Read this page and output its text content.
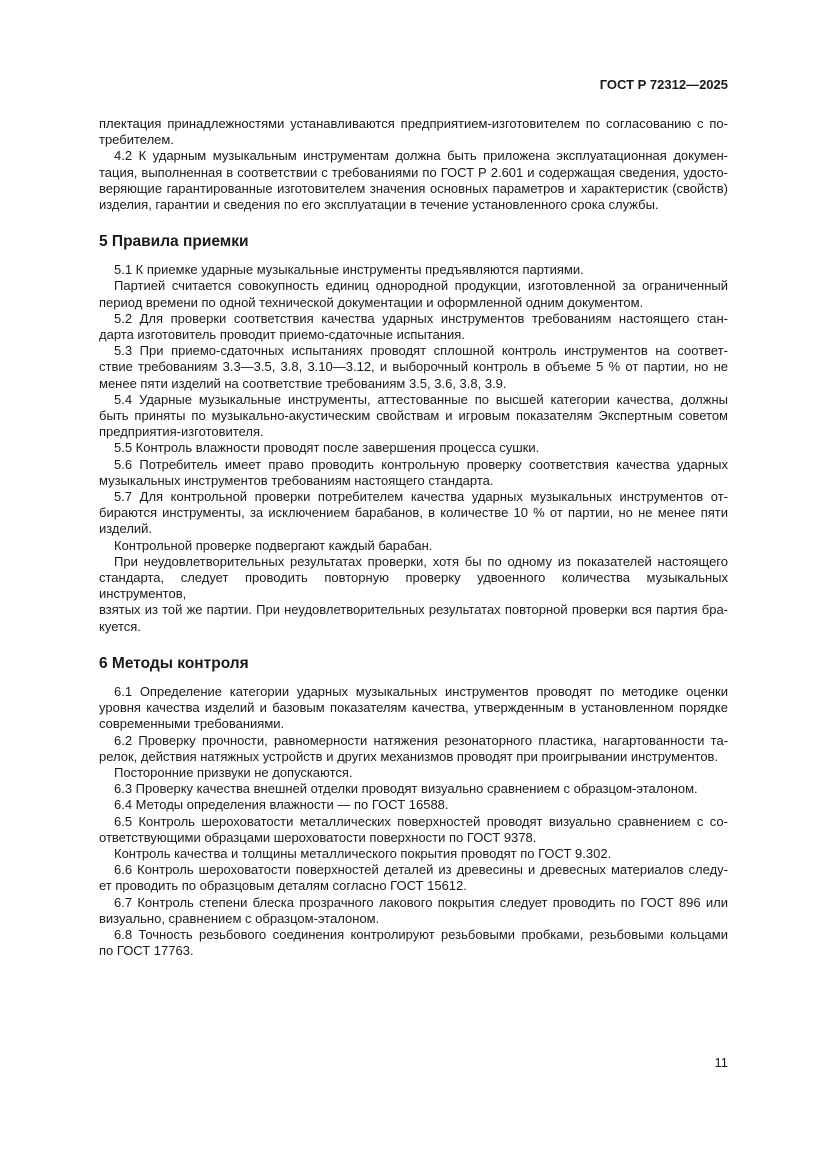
ГОСТ Р 72312—2025

плектация принадлежностями устанавливаются предприятием-изготовителем по согласованию с по-

требителем.

4.2 К ударным музыкальным инструментам должна быть приложена эксплуатационная докумен-

тация, выполненная в соответствии с требованиями по ГОСТ Р 2.601 и содержащая сведения, удосто-

веряющие гарантированные изготовителем значения основных параметров и характеристик (свойств)

изделия, гарантии и сведения по его эксплуатации в течение установленного срока службы.

5 Правила приемки

5.1 К приемке ударные музыкальные инструменты предъявляются партиями.

Партией считается совокупность единиц однородной продукции, изготовленной за ограниченный

период времени по одной технической документации и оформленной одним документом.

5.2 Для проверки соответствия качества ударных инструментов требованиям настоящего стан-

дарта изготовитель проводит приемо-сдаточные испытания.

5.3 При приемо-сдаточных испытаниях проводят сплошной контроль инструментов на соответ-

ствие требованиям 3.3—3.5, 3.8, 3.10—3.12, и выборочный контроль в объеме 5 % от партии, но не

менее пяти изделий на соответствие требованиям 3.5, 3.6, 3.8, 3.9.

5.4 Ударные музыкальные инструменты, аттестованные по высшей категории качества, должны

быть приняты по музыкально-акустическим свойствам и игровым показателям Экспертным советом

предприятия-изготовителя.

5.5 Контроль влажности проводят после завершения процесса сушки.

5.6 Потребитель имеет право проводить контрольную проверку соответствия качества ударных

музыкальных инструментов требованиям настоящего стандарта.

5.7 Для контрольной проверки потребителем качества ударных музыкальных инструментов от-

бираются инструменты, за исключением барабанов, в количестве 10 % от партии, но не менее пяти

изделий.

Контрольной проверке подвергают каждый барабан.

При неудовлетворительных результатах проверки, хотя бы по одному из показателей настоящего

стандарта, следует проводить повторную проверку удвоенного количества музыкальных инструментов,

взятых из той же партии. При неудовлетворительных результатах повторной проверки вся партия бра-

куется.

6 Методы контроля

6.1 Определение категории ударных музыкальных инструментов проводят по методике оценки

уровня качества изделий и базовым показателям качества, утвержденным в установленном порядке

современными требованиями.

6.2 Проверку прочности, равномерности натяжения резонаторного пластика, нагартованности та-

релок, действия натяжных устройств и других механизмов проводят при проигрывании инструментов.

Посторонние призвуки не допускаются.

6.3 Проверку качества внешней отделки проводят визуально сравнением с образцом-эталоном.

6.4 Методы определения влажности — по ГОСТ 16588.

6.5 Контроль шероховатости металлических поверхностей проводят визуально сравнением с со-

ответствующими образцами шероховатости поверхности по ГОСТ 9378.

Контроль качества и толщины металлического покрытия проводят по ГОСТ 9.302.

6.6 Контроль шероховатости поверхностей деталей из древесины и древесных материалов следу-

ет проводить по образцовым деталям согласно ГОСТ 15612.

6.7 Контроль степени блеска прозрачного лакового покрытия следует проводить по ГОСТ 896 или

визуально, сравнением с образцом-эталоном.

6.8 Точность резьбового соединения контролируют резьбовыми пробками, резьбовыми кольцами

по ГОСТ 17763.

11
